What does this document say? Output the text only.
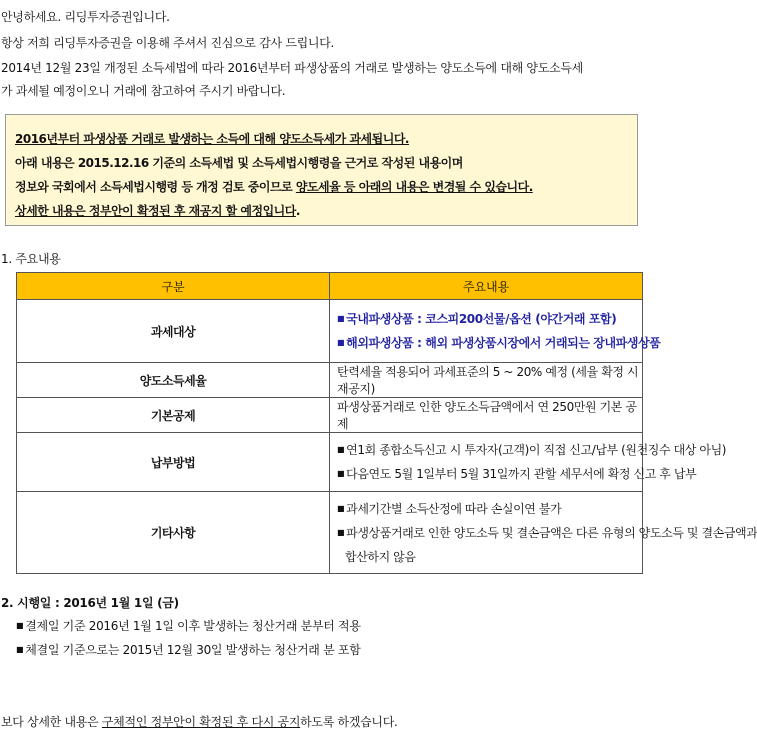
안녕하세요. 리딩투자증권입니다.
항상 저희 리딩투자증권을 이용해 주셔서 진심으로 감사 드립니다.
2014년 12월 23일 개정된 소득세법에 따라 2016년부터 파생상품의 거래로 발생하는 양도소득에 대해 양도소득세
가 과세될 예정이오니 거래에 참고하여 주시기 바랍니다.
2016년부터 파생상품 거래로 발생하는 소득에 대해 양도소득세가 과세됩니다.
아래 내용은 2015.12.16 기준의 소득세법 및 소득세법시행령을 근거로 작성된 내용이며
정보와 국회에서 소득세법시행령 등 개정 검토 중이므로 양도세율 등 아래의 내용은 변경될 수 있습니다.
상세한 내용은 정부안이 확정된 후 재공지 할 예정입니다.
1. 주요내용
구분	주요내용
과세대상	■ 국내파생상품 : 코스피200선물/옵션 (야간거래 포함)
■ 해외파생상품 : 해외 파생상품시장에서 거래되는 장내파생상품

양도소득세율	탄력세율 적용되어 과세표준의 5 ~ 20% 예정 (세율 확정 시 재공지)
기본공제	파생상품거래로 인한 양도소득금액에서 연 250만원 기본 공제
납부방법	■ 연1회 종합소득신고 시 투자자(고객)이 직접 신고/납부 (원천징수 대상 아님)
■ 다음연도 5월 1일부터 5월 31일까지 관할 세무서에 확정 신고 후 납부

기타사항	■ 과세기간별 소득산정에 따라 손실이연 불가
■ 파생상품거래로 인한 양도소득 및 결손금액은 다른 유형의 양도소득 및 결손금액과
합산하지 않음
2. 시행일 : 2016년 1월 1일 (금)
■ 결제일 기준 2016년 1월 1일 이후 발생하는 청산거래 분부터 적용
■ 체결일 기준으로는 2015년 12월 30일 발생하는 청산거래 분 포함
보다 상세한 내용은 구체적인 정부안이 확정된 후 다시 공지하도록 하겠습니다.
